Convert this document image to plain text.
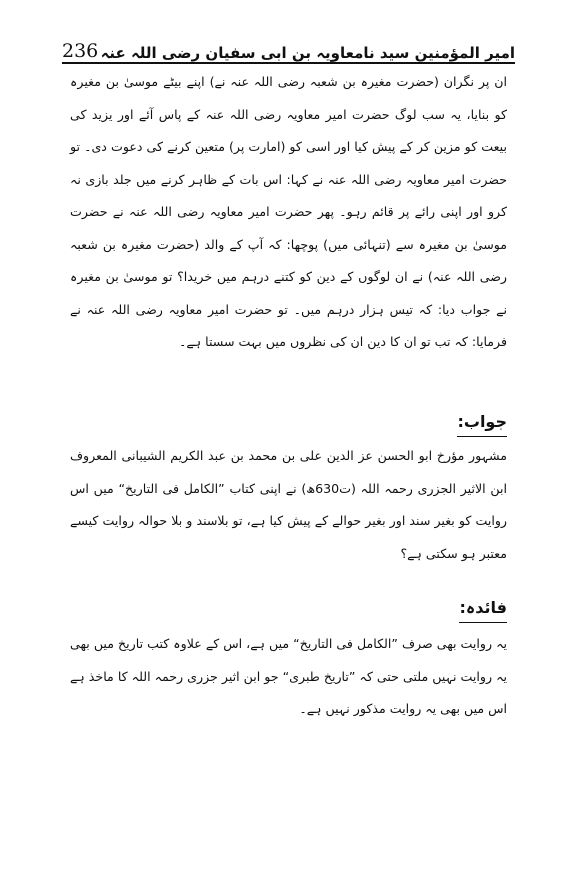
236 امیر المؤمنین سید نامعاویہ بن ابی سفیان رضی اللہ عنہ

ان پر نگران (حضرت مغیرہ بن شعبہ رضی اللہ عنہ نے) اپنے بیٹے موسیٰ بن مغیرہ کو بنایا، یہ سب لوگ حضرت امیر معاویہ رضی اللہ عنہ کے پاس آئے اور یزید کی بیعت کو مزین کر کے پیش کیا اور اسی کو (امارت پر) متعین کرنے کی دعوت دی۔ تو حضرت امیر معاویہ رضی اللہ عنہ نے کہا: اس بات کے ظاہر کرنے میں جلد بازی نہ کرو اور اپنی رائے پر قائم رہو۔ پھر حضرت امیر معاویہ رضی اللہ عنہ نے حضرت موسیٰ بن مغیرہ سے (تنہائی میں) پوچھا: کہ آپ کے والد (حضرت مغیرہ بن شعبہ رضی اللہ عنہ) نے ان لوگوں کے دین کو کتنے درہم میں خریدا؟ تو موسیٰ بن مغیرہ نے جواب دیا: کہ تیس ہزار درہم میں۔ تو حضرت امیر معاویہ رضی اللہ عنہ نے فرمایا: کہ تب تو ان کا دین ان کی نظروں میں بہت سستا ہے۔

جواب:

مشہور مؤرخ ابو الحسن عز الدین علی بن محمد بن عبد الکریم الشیبانی المعروف ابن الاثیر الجزری رحمہ اللہ (ت630ھ) نے اپنی کتاب ”الکامل فی التاریخ“ میں اس روایت کو بغیر سند اور بغیر حوالے کے پیش کیا ہے، تو بلاسند و بلا حوالہ روایت کیسے معتبر ہو سکتی ہے؟

فائدہ:

یہ روایت بھی صرف ”الکامل فی التاریخ“ میں ہے، اس کے علاوہ کتب تاریخ میں بھی یہ روایت نہیں ملتی حتی کہ ”تاریخ طبری“ جو ابن اثیر جزری رحمہ اللہ کا ماخذ ہے اس میں بھی یہ روایت مذکور نہیں ہے۔
